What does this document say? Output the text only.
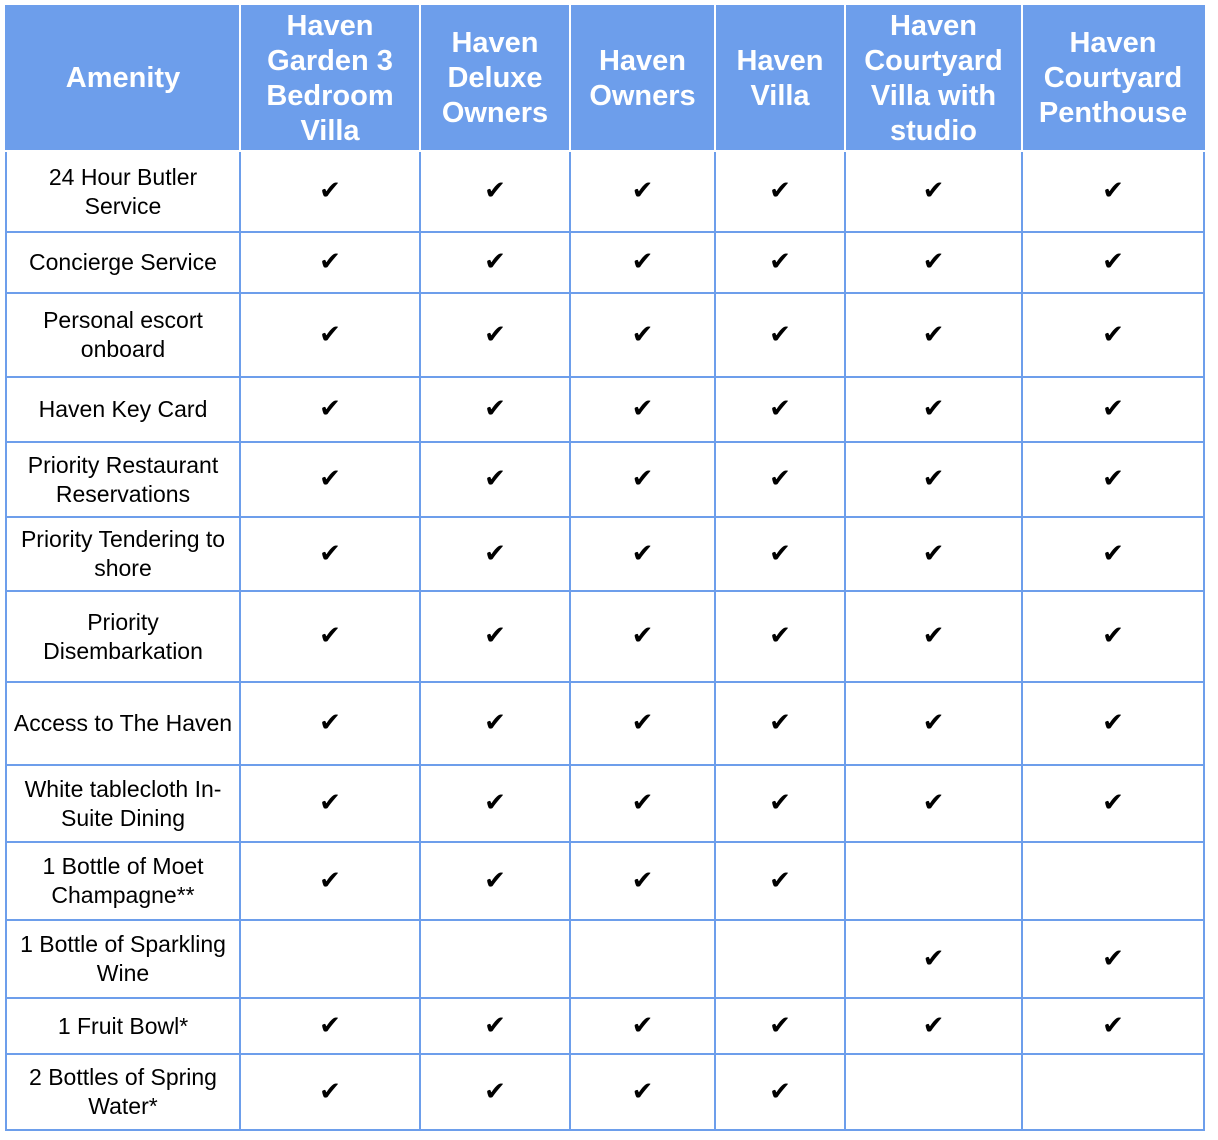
Amenity	Haven Garden 3 Bedroom Villa	Haven Deluxe Owners	Haven Owners	Haven Villa	Haven Courtyard Villa with studio	Haven Courtyard Penthouse
24 Hour Butler Service	✔	✔	✔	✔	✔	✔
Concierge Service	✔	✔	✔	✔	✔	✔
Personal escort onboard	✔	✔	✔	✔	✔	✔
Haven Key Card	✔	✔	✔	✔	✔	✔
Priority Restaurant Reservations	✔	✔	✔	✔	✔	✔
Priority Tendering to shore	✔	✔	✔	✔	✔	✔
Priority Disembarkation	✔	✔	✔	✔	✔	✔
Access to The Haven	✔	✔	✔	✔	✔	✔
White tablecloth In-Suite Dining	✔	✔	✔	✔	✔	✔
1 Bottle of Moet Champagne**	✔	✔	✔	✔		
1 Bottle of Sparkling Wine					✔	✔
1 Fruit Bowl*	✔	✔	✔	✔	✔	✔
2 Bottles of Spring Water*	✔	✔	✔	✔		
